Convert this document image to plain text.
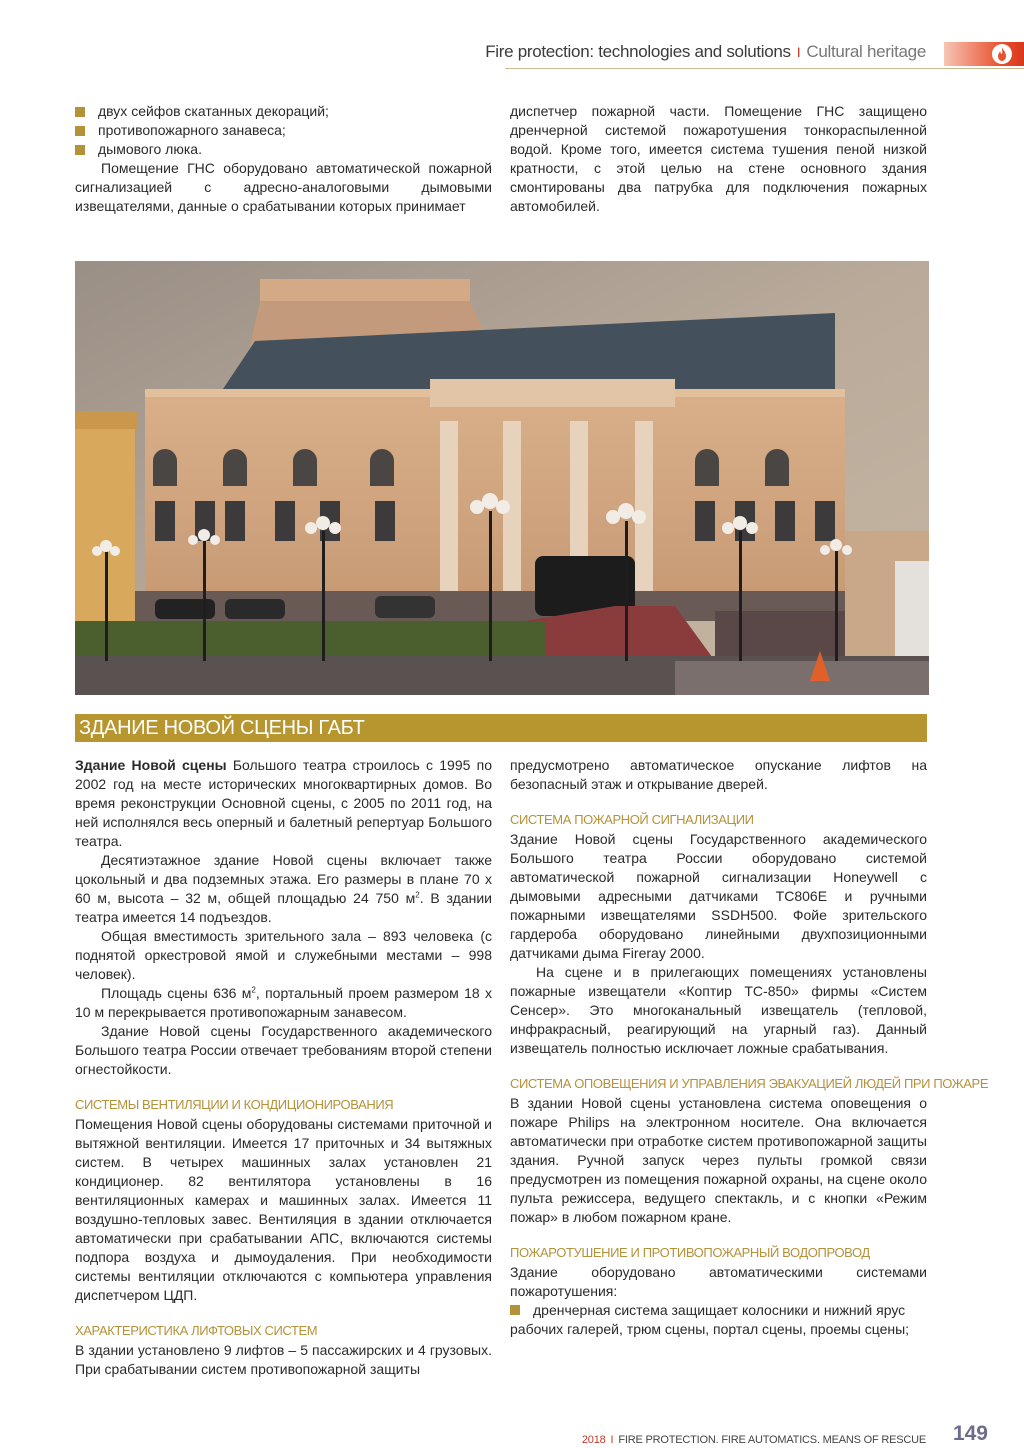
Fire protection: technologies and solutions I Cultural heritage

двух сейфов скатанных декораций;

противопожарного занавеса;

дымового люка.

Помещение ГНС оборудовано автоматической пожарной сигнализацией с адресно-аналоговыми дымовыми извещателями, данные о срабатывании которых принимает

диспетчер пожарной части. Помещение ГНС защищено дренчерной системой пожаротушения тонкораспыленной водой. Кроме того, имеется система тушения пеной низкой кратности, с этой целью на стене основного здания смонтированы два патрубка для подключения пожарных автомобилей.

ЗДАНИЕ НОВОЙ СЦЕНЫ ГАБТ

Здание Новой сцены Большого театра строилось с 1995 по 2002 год на месте исторических многоквартирных домов. Во время реконструкции Основной сцены, с 2005 по 2011 год, на ней исполнялся весь оперный и балетный репертуар Большого театра.

Десятиэтажное здание Новой сцены включает также цокольный и два подземных этажа. Его размеры в плане 70 х 60 м, высота – 32 м, общей площадью 24 750 $м^2$. В здании театра имеется 14 подъездов.

Общая вместимость зрительного зала – 893 человека (с поднятой оркестровой ямой и служебными местами – 998 человек).

Площадь сцены 636 $м^2$, портальный проем размером 18 х 10 м перекрывается противопожарным занавесом.

Здание Новой сцены Государственного академического Большого театра России отвечает требованиям второй степени огнестойкости.

СИСТЕМЫ ВЕНТИЛЯЦИИ И КОНДИЦИОНИРОВАНИЯ

Помещения Новой сцены оборудованы системами приточной и вытяжной вентиляции. Имеется 17 приточных и 34 вытяжных систем. В четырех машинных залах установлен 21 кондиционер. 82 вентилятора установлены в 16 вентиляционных камерах и машинных залах. Имеется 11 воздушно-тепловых завес. Вентиляция в здании отключается автоматически при срабатывании АПС, включаются системы подпора воздуха и дымоудаления. При необходимости системы вентиляции отключаются с компьютера управления диспетчером ЦДП.

ХАРАКТЕРИСТИКА ЛИФТОВЫХ СИСТЕМ

В здании установлено 9 лифтов – 5 пассажирских и 4 грузовых. При срабатывании систем противопожарной защиты

предусмотрено автоматическое опускание лифтов на безопасный этаж и открывание дверей.

СИСТЕМА ПОЖАРНОЙ СИГНАЛИЗАЦИИ

Здание Новой сцены Государственного академического Большого театра России оборудовано системой автоматической пожарной сигнализации Honeywell с дымовыми адресными датчиками ТС806Е и ручными пожарными извещателями SSDH500. Фойе зрительского гардероба оборудовано линейными двухпозиционными датчиками дыма Fireray 2000.

На сцене и в прилегающих помещениях установлены пожарные извещатели «Коптир ТС-850» фирмы «Систем Сенсер». Это многоканальный извещатель (тепловой, инфракрасный, реагирующий на угарный газ). Данный извещатель полностью исключает ложные срабатывания.

СИСТЕМА ОПОВЕЩЕНИЯ И УПРАВЛЕНИЯ ЭВАКУАЦИЕЙ ЛЮДЕЙ ПРИ ПОЖАРЕ

В здании Новой сцены установлена система оповещения о пожаре Philips на электронном носителе. Она включается автоматически при отработке систем противопожарной защиты здания. Ручной запуск через пульты громкой связи предусмотрен из помещения пожарной охраны, на сцене около пульта режиссера, ведущего спектакль, и с кнопки «Режим пожар» в любом пожарном кране.

ПОЖАРОТУШЕНИЕ И ПРОТИВОПОЖАРНЫЙ ВОДОПРОВОД

Здание оборудовано автоматическими системами пожаротушения:

дренчерная система защищает колосники и нижний ярус рабочих галерей, трюм сцены, портал сцены, проемы сцены;

2018 I FIRE PROTECTION. FIRE AUTOMATICS. MEANS OF RESCUE 149
